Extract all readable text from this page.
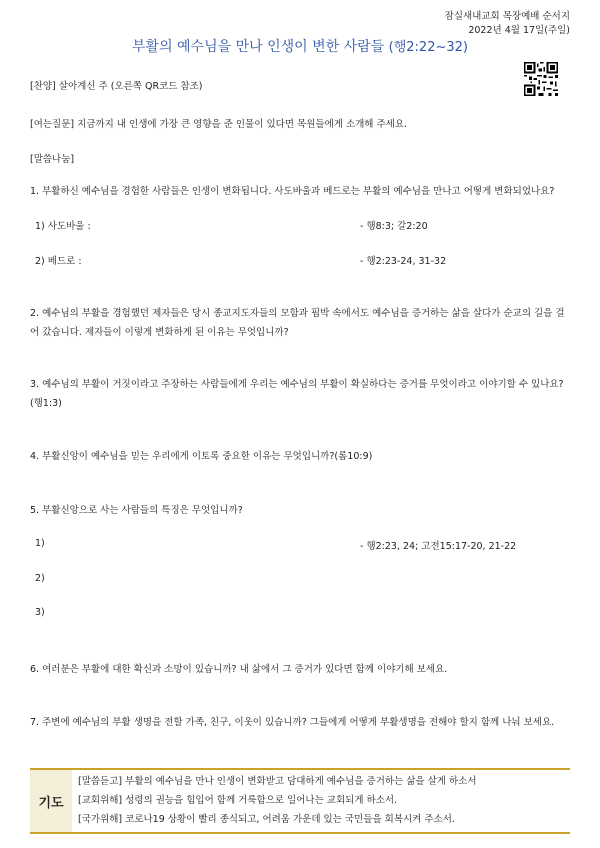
잠실새내교회 목장예배 순서지
2022년 4월 17일(주일)
부활의 예수님을 만나 인생이 변한 사람들 (행2:22~32)
[찬양] 살아계신 주 (오른쪽 QR코드 참조)
[여는질문] 지금까지 내 인생에 가장 큰 영향을 준 인물이 있다면 목원들에게 소개해 주세요.
[말씀나눔]
1. 부활하신 예수님을 경험한 사람들은 인생이 변화됩니다. 사도바울과 베드로는 부활의 예수님을 만나고 어떻게 변화되었나요?
1) 사도바울 :	- 행8:3; 갈2:20
2) 베드로 :	- 행2:23-24, 31-32
2. 예수님의 부활을 경험했던 제자들은 당시 종교지도자들의 모함과 핍박 속에서도 예수님을 증거하는 삶을 살다가 순교의 길을 걸어 갔습니다. 제자들이 이렇게 변화하게 된 이유는 무엇입니까?
3. 예수님의 부활이 거짓이라고 주장하는 사람들에게 우리는 예수님의 부활이 확실하다는 증거를 무엇이라고 이야기할 수 있나요?(행1:3)
4. 부활신앙이 예수님을 믿는 우리에게 이토록 중요한 이유는 무엇입니까?(롬10:9)
5. 부활신앙으로 사는 사람들의 특징은 무엇입니까?
1)	- 행2:23, 24; 고전15:17-20, 21-22
2)
3)
6. 여러분은 부활에 대한 확신과 소망이 있습니까? 내 삶에서 그 증거가 있다면 함께 이야기해 보세요.
7. 주변에 예수님의 부활 생명을 전할 가족, 친구, 이웃이 있습니까? 그들에게 어떻게 부활생명을 전해야 할지 함께 나눠 보세요.
기도
[말씀듣고] 부활의 예수님을 만나 인생이 변화받고 담대하게 예수님을 증거하는 삶을 살게 하소서
[교회위해] 성령의 권능을 힘입어 함께 거룩함으로 일어나는 교회되게 하소서.
[국가위해] 코로나19 상황이 빨리 종식되고, 어려움 가운데 있는 국민들을 회복시켜 주소서.
